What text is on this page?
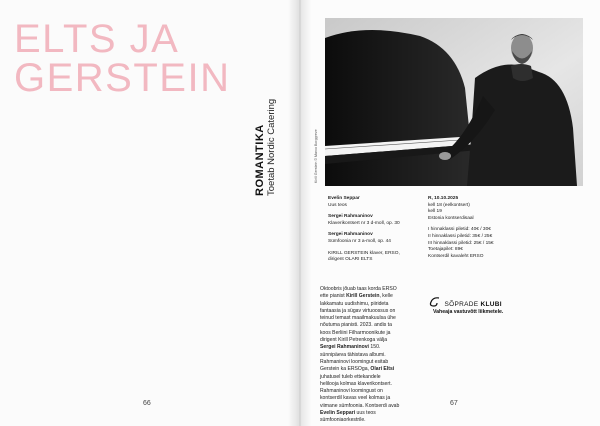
ELTS JA
GERSTEIN
ROMANTIKA Toetab Nordic Catering
66
Kirill Gerstein © Marco Borggreve
Evelin Seppar
Uus teos
Sergei Rahmaninov
Klaverikontsert nr 3 d-moll, op. 30
Sergei Rahmaninov
Sümfoonia nr 3 a-moll, op. 44
KIRILL GERSTEIN klaver, ERSO,
dirigent OLARI ELTS
R, 10.10.2025
kell 18 (eelkontsert)
kell 19
Estonia kontserdisaal
I hinnaklassi piletid: 40€ / 30€
II hinnaklassi piletid: 35€ / 25€
III hinnaklassi piletid: 25€ / 15€
Toetajapilet: 89€
Kontserdil kavaleht ERSO
67
Oktoobris jõuab taas korda ERSO ette pianist Kirill Gerstein, kelle lakkamatu uudishimu, piirideta fantaasia ja sügav virtuoossus on teinud temast maailmakuulsa ühe nõutuma pianisti. 2023. andis ta koos Berliini Filharmoonikute ja dirigent Kirill Petrenkoga välja Sergei Rahmaninovi 150. sünnipäeva tähistava albumi. Rahmaninovi loomingut esitab Gerstein ka ERSOga, Olari Eltsi juhatusel tuleb ettekandele helilooja kolmas klaverikontsert. Rahmaninovi loomingust on kontserdil kavas veel kolmas ja viimane sümfoonia. Kontserdi avab Evelin Seppari uus teos sümfooniaorkestrile.
SÕPRADE KLUBI
Vaheaja vastuvõtt liikmetele.
